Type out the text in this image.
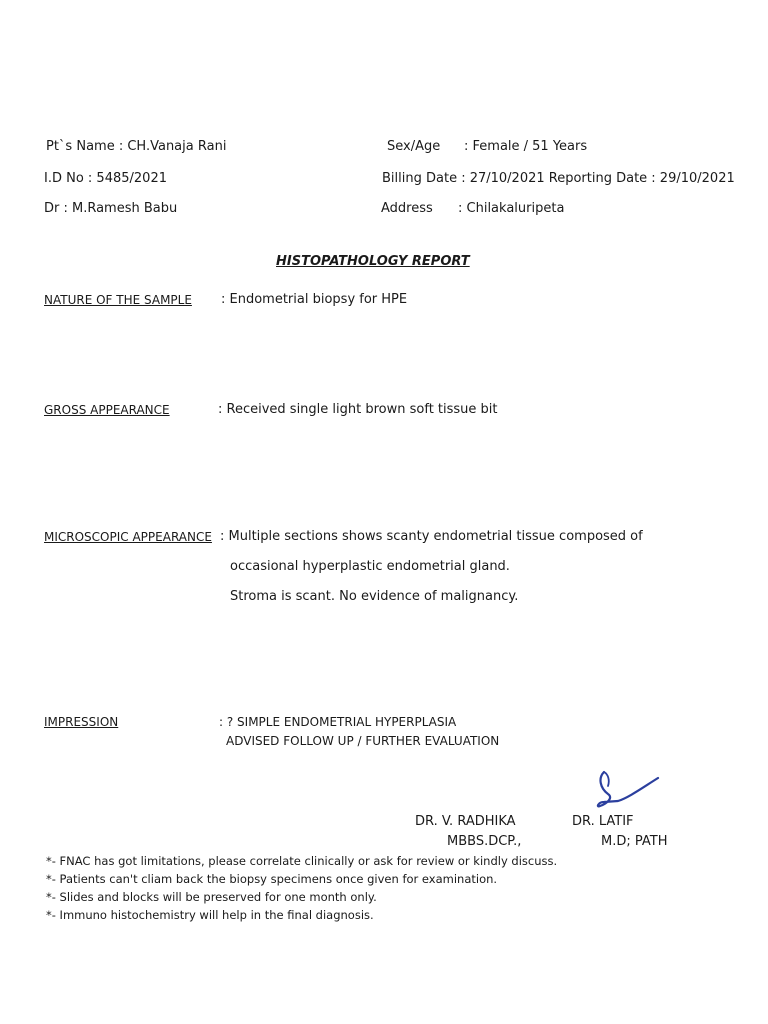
Pt`s Name : CH.Vanaja Rani	Sex/Age : Female / 51 Years
I.D No : 5485/2021	Billing Date : 27/10/2021 Reporting Date : 29/10/2021
Dr : M.Ramesh Babu	Address : Chilakaluripeta
HISTOPATHOLOGY REPORT
NATURE OF THE SAMPLE : Endometrial biopsy for HPE
GROSS APPEARANCE	: Received single light brown soft tissue bit
MICROSCOPIC APPEARANCE : Multiple sections shows scanty endometrial tissue composed of
occasional hyperplastic endometrial gland.
Stroma is scant. No evidence of malignancy.
IMPRESSION	: ? SIMPLE ENDOMETRIAL HYPERPLASIA
ADVISED FOLLOW UP / FURTHER EVALUATION
DR. V. RADHIKA
MBBS.DCP.,
DR. LATIF
M.D; PATH
*- FNAC has got limitations, please correlate clinically or ask for review or kindly discuss.
*- Patients can't cliam back the biopsy specimens once given for examination.
*- Slides and blocks will be preserved for one month only.
*- Immuno histochemistry will help in the final diagnosis.
